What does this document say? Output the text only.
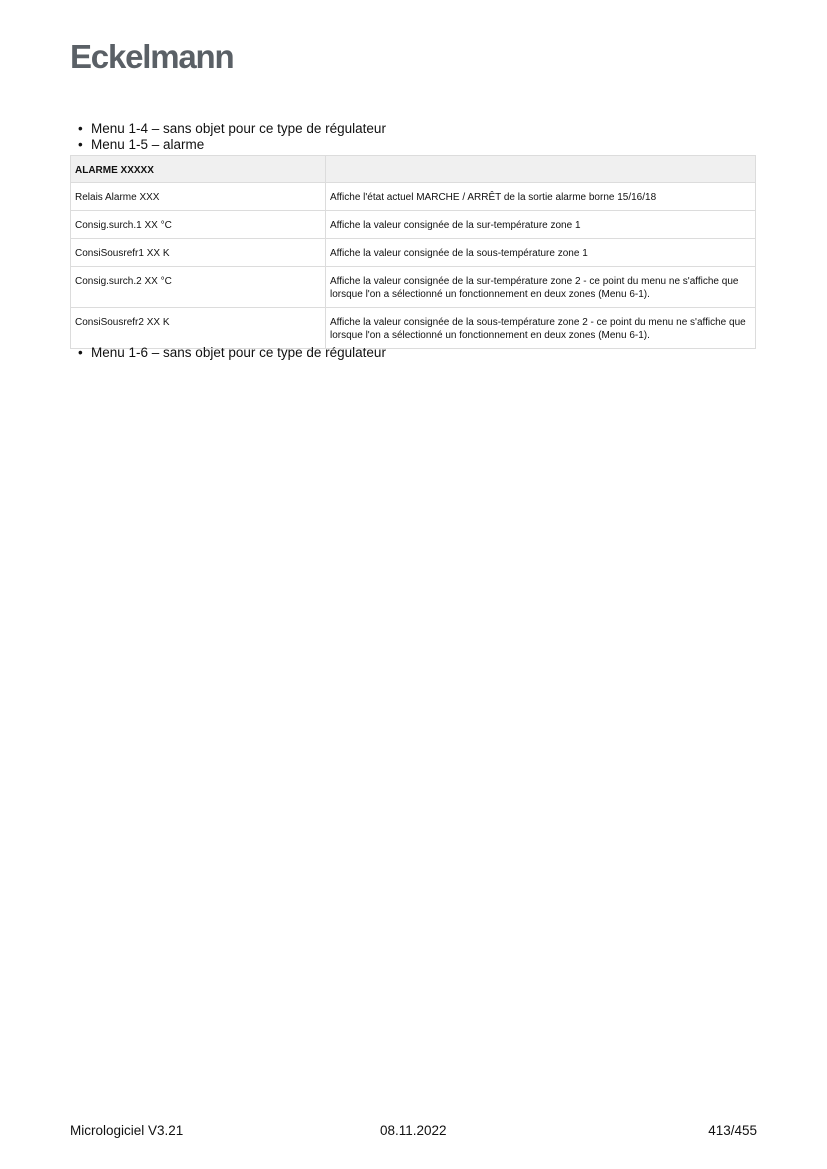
Eckelmann
• Menu 1-4 – sans objet pour ce type de régulateur
• Menu 1-5 – alarme
ALARME XXXXX	
Relais Alarme XXX	Affiche l'état actuel MARCHE / ARRÊT de la sortie alarme borne 15/16/18
Consig.surch.1 XX °C	Affiche la valeur consignée de la sur-température zone 1
ConsiSousrefr1 XX K	Affiche la valeur consignée de la sous-température zone 1
Consig.surch.2 XX °C	Affiche la valeur consignée de la sur-température zone 2 - ce point du menu ne s'affiche que lorsque l'on a sélectionné un fonctionnement en deux zones (Menu 6-1).
ConsiSousrefr2 XX K	Affiche la valeur consignée de la sous-température zone 2 - ce point du menu ne s'affiche que lorsque l'on a sélectionné un fonctionnement en deux zones (Menu 6-1).
• Menu 1-6 – sans objet pour ce type de régulateur
Micrologiciel V3.21	08.11.2022	413/455
